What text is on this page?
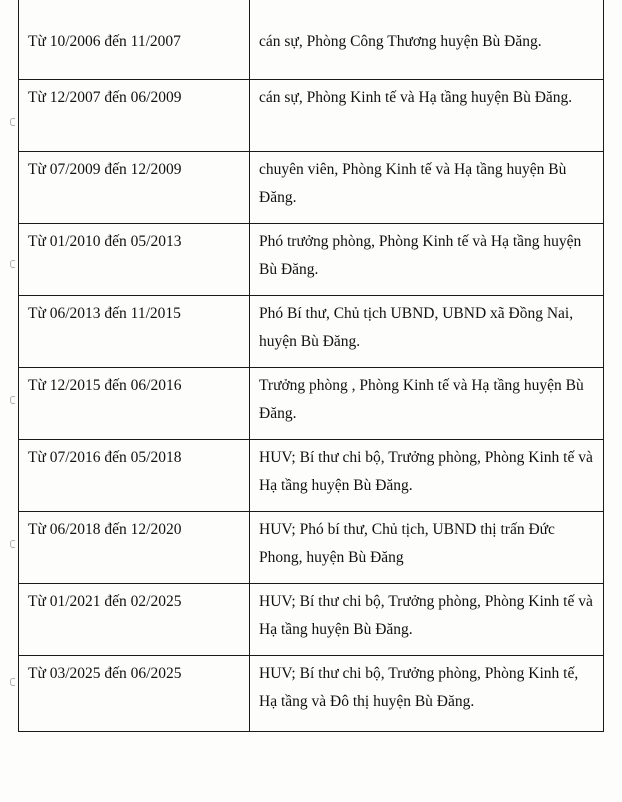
Từ 10/2006 đến 11/2007	cán sự, Phòng Công Thương huyện Bù Đăng.
Từ 12/2007 đến 06/2009	cán sự, Phòng Kinh tế và Hạ tầng huyện Bù Đăng.
Từ 07/2009 đến 12/2009	chuyên viên, Phòng Kinh tế và Hạ tầng huyện Bù Đăng.
Từ 01/2010 đến 05/2013	Phó trưởng phòng, Phòng Kinh tế và Hạ tầng huyện Bù Đăng.
Từ 06/2013 đến 11/2015	Phó Bí thư, Chủ tịch UBND, UBND xã Đồng Nai, huyện Bù Đăng.
Từ 12/2015 đến 06/2016	Trưởng phòng , Phòng Kinh tế và Hạ tầng huyện Bù Đăng.
Từ 07/2016 đến 05/2018	HUV; Bí thư chi bộ, Trưởng phòng, Phòng Kinh tế và Hạ tầng huyện Bù Đăng.
Từ 06/2018 đến 12/2020	HUV; Phó bí thư, Chủ tịch, UBND thị trấn Đức Phong, huyện Bù Đăng
Từ 01/2021 đến 02/2025	HUV; Bí thư chi bộ, Trưởng phòng, Phòng Kinh tế và Hạ tầng huyện Bù Đăng.
Từ 03/2025 đến 06/2025	HUV; Bí thư chi bộ, Trưởng phòng, Phòng Kinh tế, Hạ tầng và Đô thị huyện Bù Đăng.
